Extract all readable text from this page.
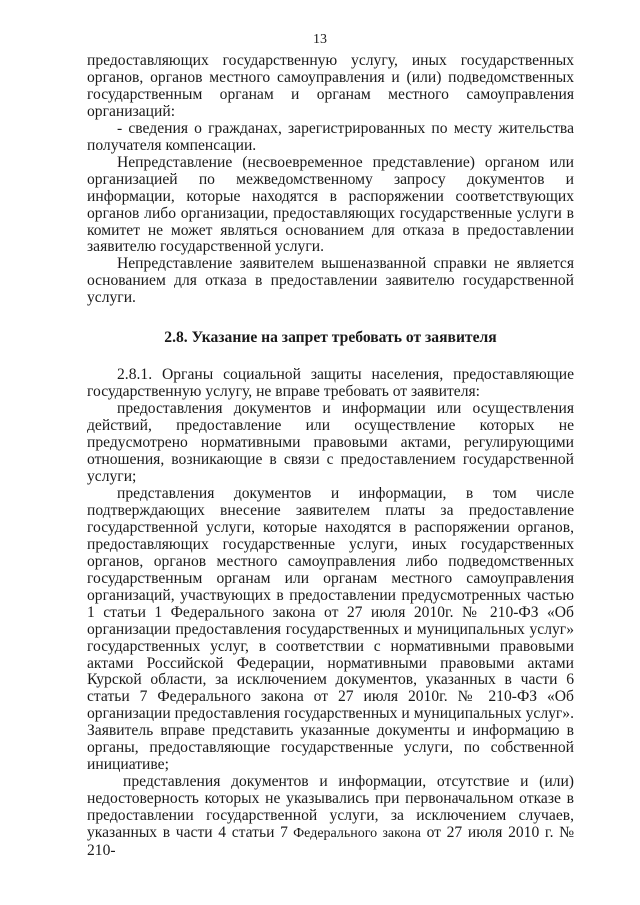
13

предоставляющих государственную услугу, иных государственных органов, органов местного самоуправления и (или) подведомственных государственным органам и органам местного самоуправления организаций:

- сведения о гражданах, зарегистрированных по месту жительства получателя компенсации.

Непредставление (несвоевременное представление) органом или организацией по межведомственному запросу документов и информации, которые находятся в распоряжении соответствующих органов либо организации, предоставляющих государственные услуги в комитет не может являться основанием для отказа в предоставлении заявителю государственной услуги.

Непредставление заявителем вышеназванной справки не является основанием для отказа в предоставлении заявителю государственной услуги.

2.8. Указание на запрет требовать от заявителя

2.8.1. Органы социальной защиты населения, предоставляющие государственную услугу, не вправе требовать от заявителя:

предоставления документов и информации или осуществления действий, предоставление или осуществление которых не предусмотрено нормативными правовыми актами, регулирующими отношения, возникающие в связи с предоставлением государственной услуги;

представления документов и информации, в том числе подтверждающих внесение заявителем платы за предоставление государственной услуги, которые находятся в распоряжении органов, предоставляющих государственные услуги, иных государственных органов, органов местного самоуправления либо подведомственных государственным органам или органам местного самоуправления организаций, участвующих в предоставлении предусмотренных частью 1 статьи 1 Федерального закона от 27 июля 2010г. № 210-ФЗ «Об организации предоставления государственных и муниципальных услуг» государственных услуг, в соответствии с нормативными правовыми актами Российской Федерации, нормативными правовыми актами Курской области, за исключением документов, указанных в части 6 статьи 7 Федерального закона от 27 июля 2010г. № 210-ФЗ «Об организации предоставления государственных и муниципальных услуг». Заявитель вправе представить указанные документы и информацию в органы, предоставляющие государственные услуги, по собственной инициативе;

представления документов и информации, отсутствие и (или) недостоверность которых не указывались при первоначальном отказе в предоставлении государственной услуги, за исключением случаев, указанных в части 4 статьи 7 Федерального закона от 27 июля 2010 г. № 210-
